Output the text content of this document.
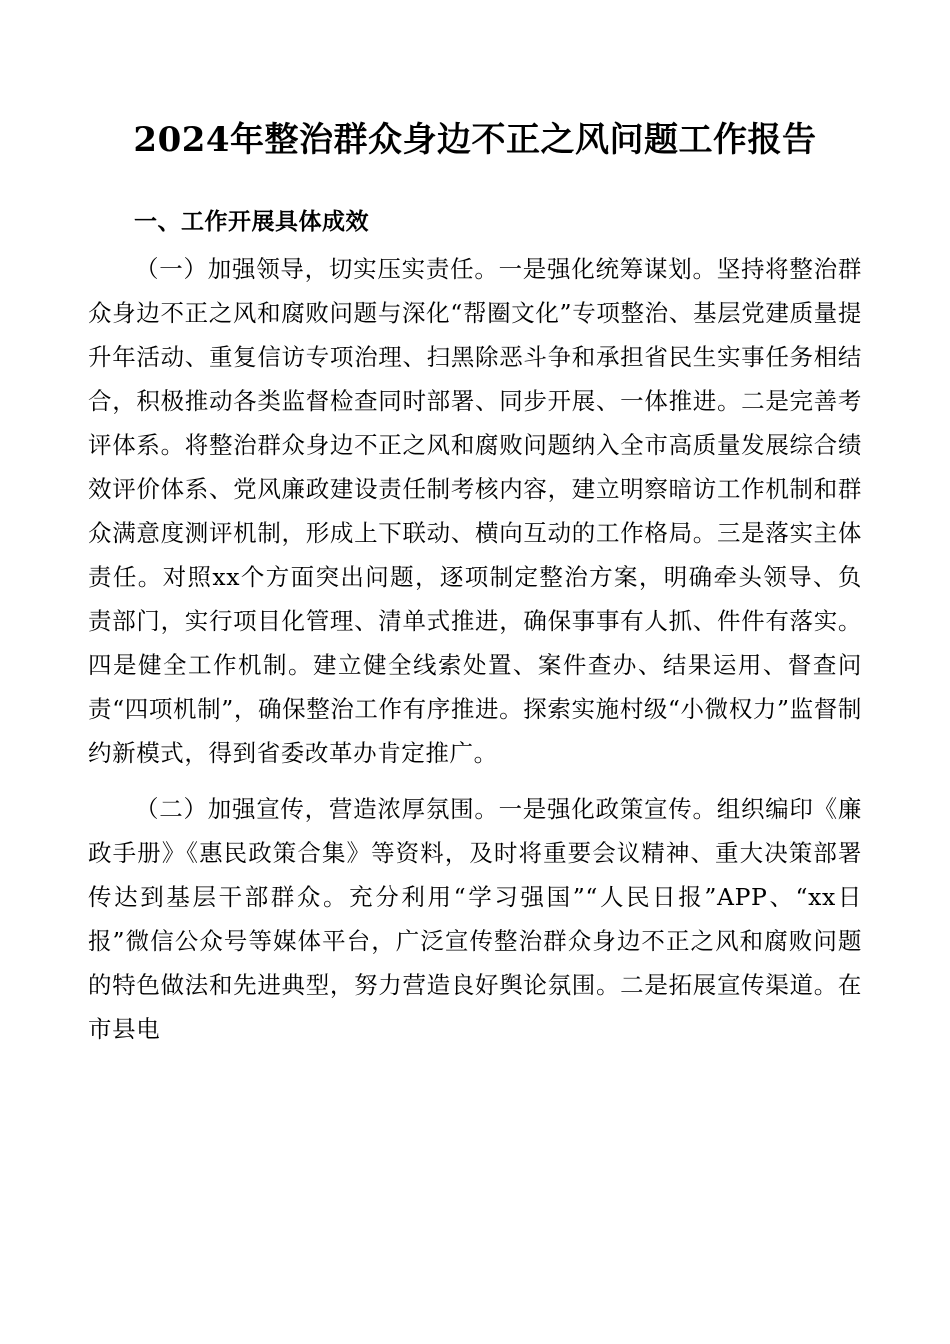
2024年整治群众身边不正之风问题工作报告
一、工作开展具体成效

（一）加强领导，切实压实责任。一是强化统筹谋划。坚持将整治群众身边不正之风和腐败问题与深化“帮圈文化”专项整治、基层党建质量提升年活动、重复信访专项治理、扫黑除恶斗争和承担省民生实事任务相结合，积极推动各类监督检查同时部署、同步开展、一体推进。二是完善考评体系。将整治群众身边不正之风和腐败问题纳入全市高质量发展综合绩效评价体系、党风廉政建设责任制考核内容，建立明察暗访工作机制和群众满意度测评机制，形成上下联动、横向互动的工作格局。三是落实主体责任。对照xx个方面突出问题，逐项制定整治方案，明确牵头领导、负责部门，实行项目化管理、清单式推进，确保事事有人抓、件件有落实。四是健全工作机制。建立健全线索处置、案件查办、结果运用、督查问责“四项机制”，确保整治工作有序推进。探索实施村级“小微权力”监督制约新模式，得到省委改革办肯定推广。

（二）加强宣传，营造浓厚氛围。一是强化政策宣传。组织编印《廉政手册》《惠民政策合集》等资料，及时将重要会议精神、重大决策部署传达到基层干部群众。充分利用“学习强国”“人民日报”APP、“xx日报”微信公众号等媒体平台，广泛宣传整治群众身边不正之风和腐败问题的特色做法和先进典型，努力营造良好舆论氛围。二是拓展宣传渠道。在市县电
